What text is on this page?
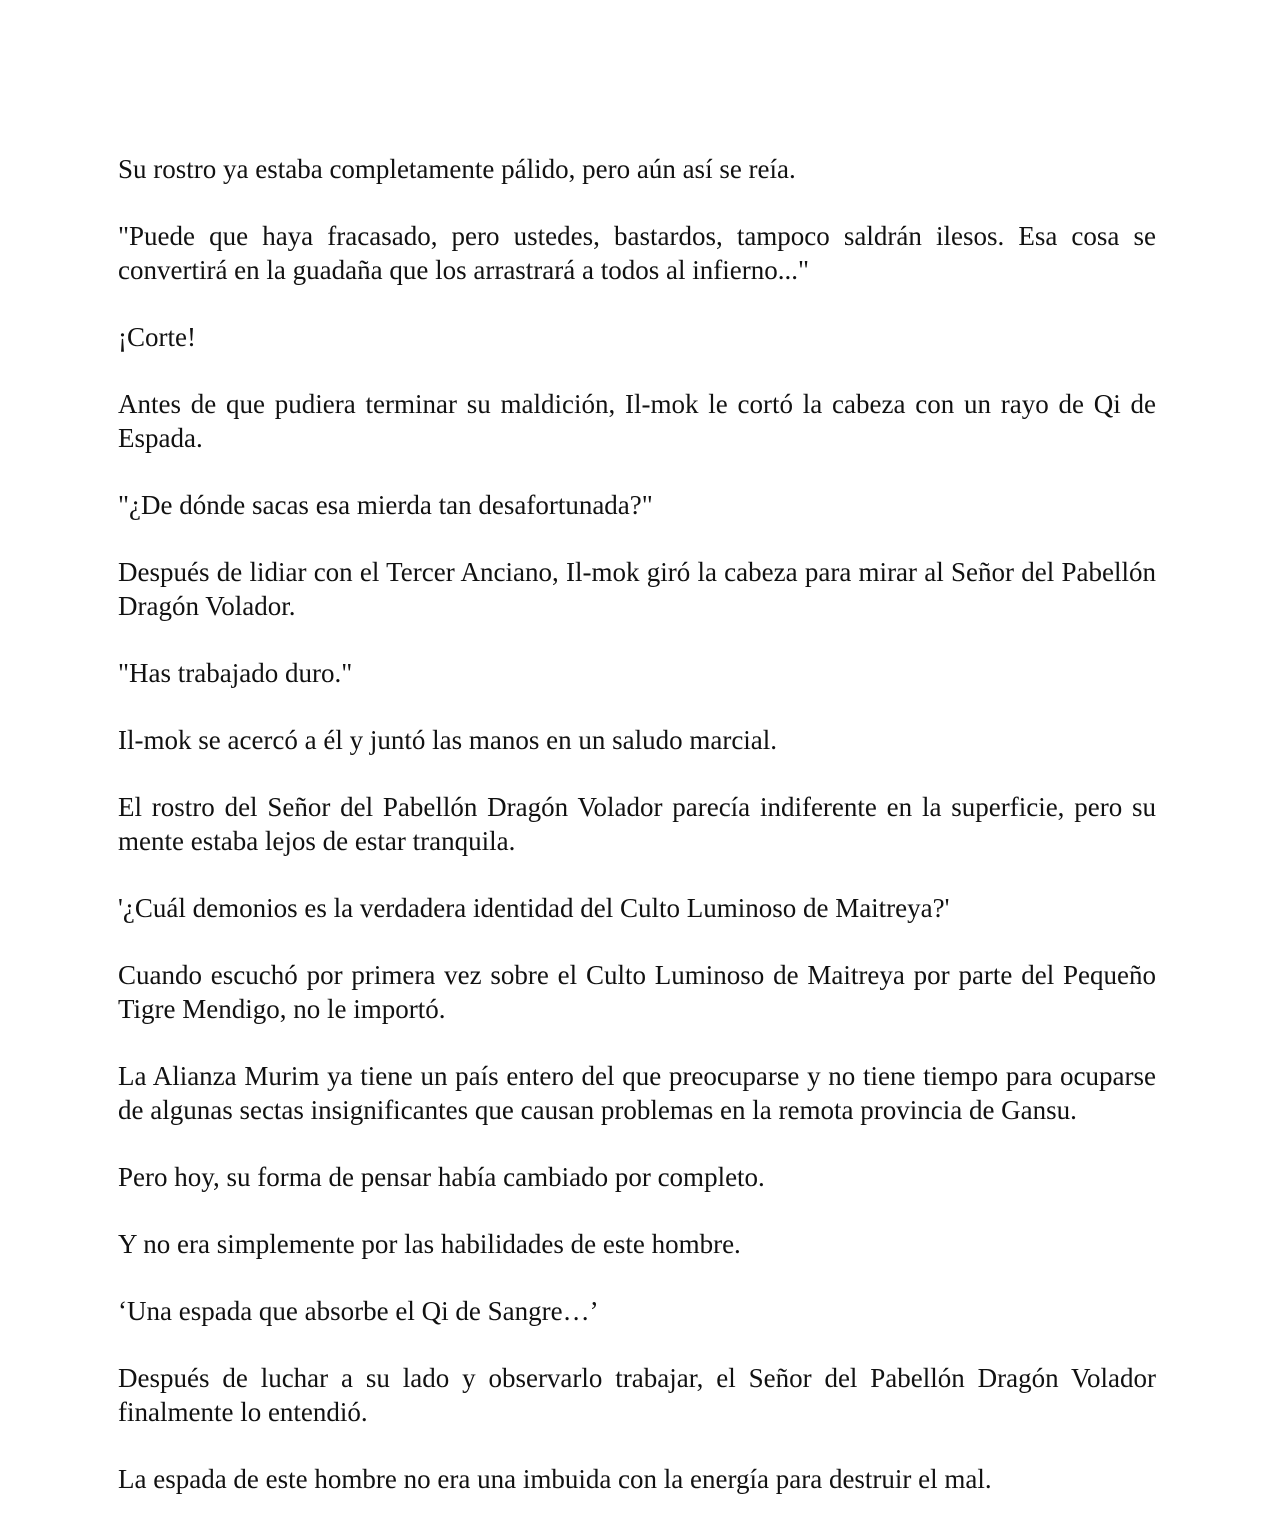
Su rostro ya estaba completamente pálido, pero aún así se reía.

"Puede que haya fracasado, pero ustedes, bastardos, tampoco saldrán ilesos. Esa cosa se convertirá en la guadaña que los arrastrará a todos al infierno..."

¡Corte!

Antes de que pudiera terminar su maldición, Il-mok le cortó la cabeza con un rayo de Qi de Espada.

"¿De dónde sacas esa mierda tan desafortunada?"

Después de lidiar con el Tercer Anciano, Il-mok giró la cabeza para mirar al Señor del Pabellón Dragón Volador.

"Has trabajado duro."

Il-mok se acercó a él y juntó las manos en un saludo marcial.

El rostro del Señor del Pabellón Dragón Volador parecía indiferente en la superficie, pero su mente estaba lejos de estar tranquila.

'¿Cuál demonios es la verdadera identidad del Culto Luminoso de Maitreya?'

Cuando escuchó por primera vez sobre el Culto Luminoso de Maitreya por parte del Pequeño Tigre Mendigo, no le importó.

La Alianza Murim ya tiene un país entero del que preocuparse y no tiene tiempo para ocuparse de algunas sectas insignificantes que causan problemas en la remota provincia de Gansu.

Pero hoy, su forma de pensar había cambiado por completo.

Y no era simplemente por las habilidades de este hombre.

‘Una espada que absorbe el Qi de Sangre…’

Después de luchar a su lado y observarlo trabajar, el Señor del Pabellón Dragón Volador finalmente lo entendió.

La espada de este hombre no era una imbuida con la energía para destruir el mal.
